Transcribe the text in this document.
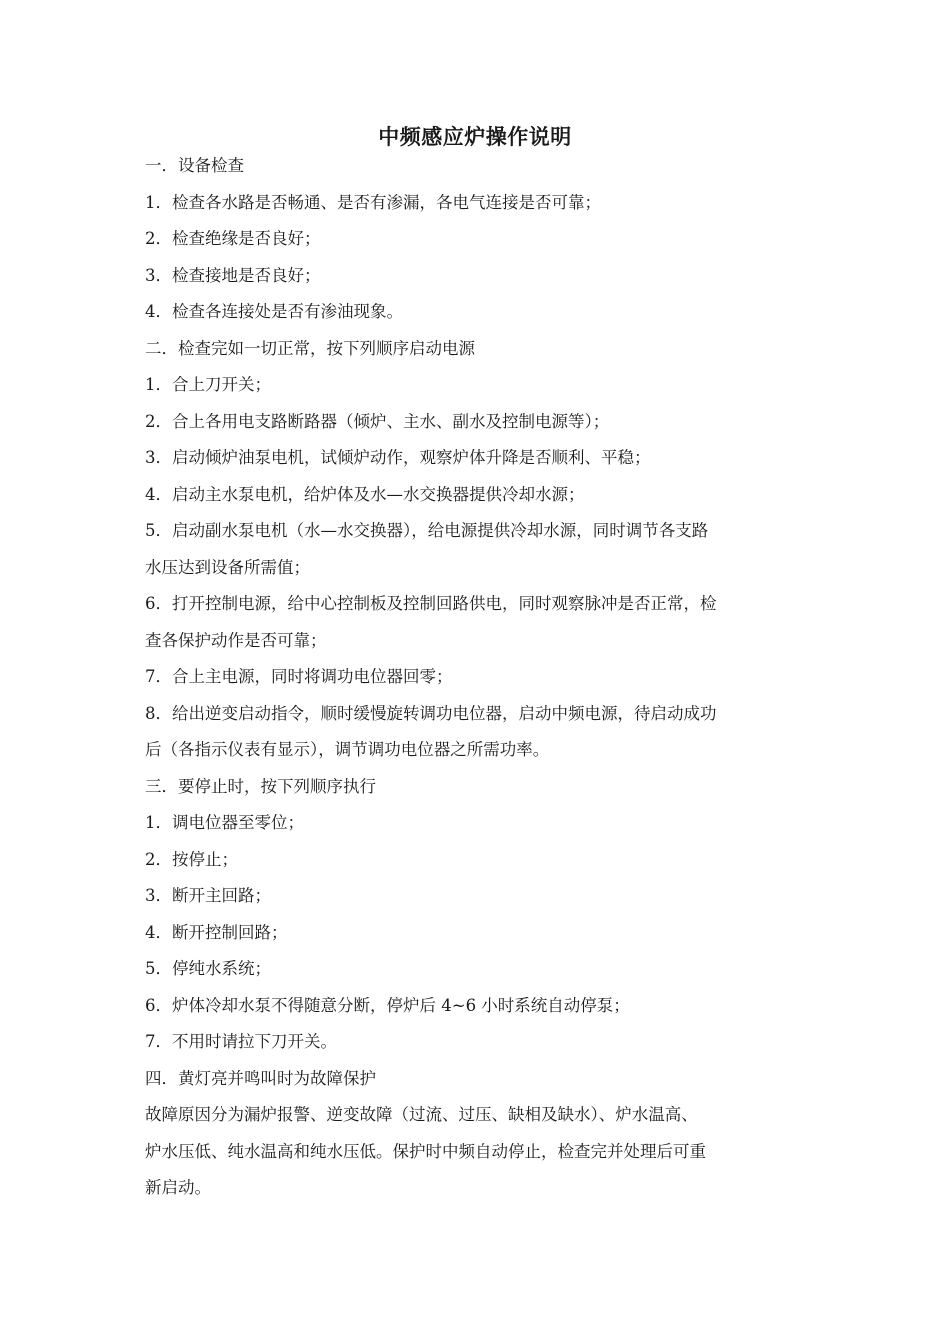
中频感应炉操作说明
一．设备检查
1．检查各水路是否畅通、是否有渗漏，各电气连接是否可靠；
2．检查绝缘是否良好；
3．检查接地是否良好；
4．检查各连接处是否有渗油现象。
二．检查完如一切正常，按下列顺序启动电源
1．合上刀开关；
2．合上各用电支路断路器（倾炉、主水、副水及控制电源等）；
3．启动倾炉油泵电机，试倾炉动作，观察炉体升降是否顺利、平稳；
4．启动主水泵电机，给炉体及水—水交换器提供冷却水源；
5．启动副水泵电机（水—水交换器），给电源提供冷却水源，同时调节各支路
水压达到设备所需值；
6．打开控制电源，给中心控制板及控制回路供电，同时观察脉冲是否正常，检
查各保护动作是否可靠；
7．合上主电源，同时将调功电位器回零；
8．给出逆变启动指令，顺时缓慢旋转调功电位器，启动中频电源，待启动成功
后（各指示仪表有显示），调节调功电位器之所需功率。
三．要停止时，按下列顺序执行
1．调电位器至零位；
2．按停止；
3．断开主回路；
4．断开控制回路；
5．停纯水系统；
6．炉体冷却水泵不得随意分断，停炉后 4~6 小时系统自动停泵；
7．不用时请拉下刀开关。
四．黄灯亮并鸣叫时为故障保护
故障原因分为漏炉报警、逆变故障（过流、过压、缺相及缺水）、炉水温高、
炉水压低、纯水温高和纯水压低。保护时中频自动停止，检查完并处理后可重
新启动。
